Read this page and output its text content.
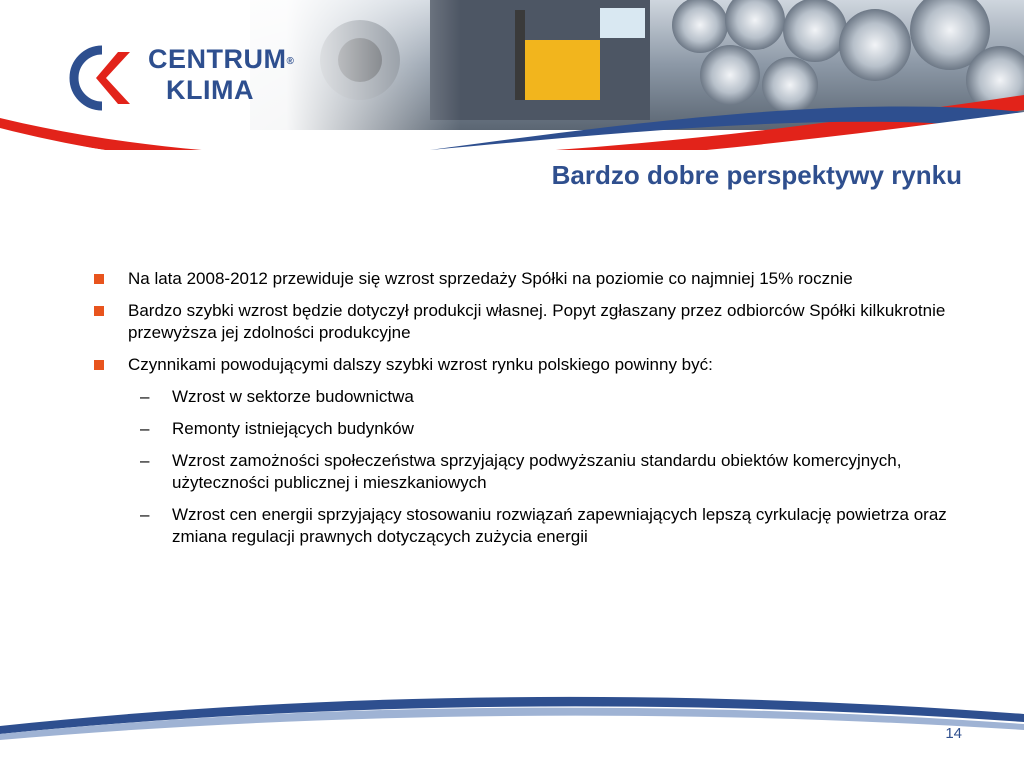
CENTRUM®
KLIMA
Bardzo dobre perspektywy rynku
Na lata 2008-2012 przewiduje się wzrost sprzedaży Spółki na poziomie co najmniej 15% rocznie
Bardzo szybki wzrost będzie dotyczył produkcji własnej. Popyt zgłaszany przez odbiorców Spółki kilkukrotnie przewyższa jej zdolności produkcyjne
Czynnikami powodującymi dalszy szybki wzrost rynku polskiego powinny być:
– Wzrost w sektorze budownictwa
– Remonty istniejących budynków
– Wzrost zamożności społeczeństwa sprzyjający podwyższaniu standardu obiektów komercyjnych, użyteczności publicznej i mieszkaniowych
– Wzrost cen energii sprzyjający stosowaniu rozwiązań zapewniających lepszą cyrkulację powietrza oraz zmiana regulacji prawnych dotyczących zużycia energii
14
